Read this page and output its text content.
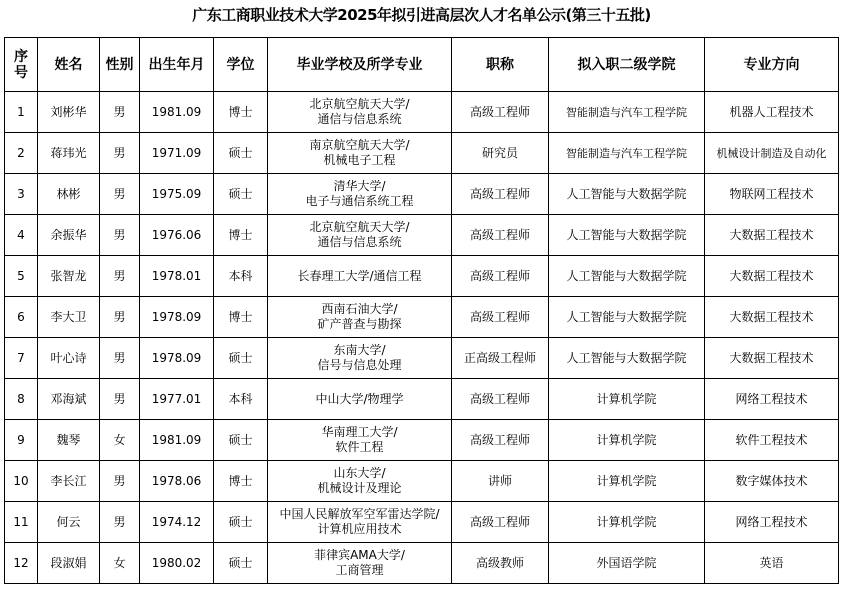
广东工商职业技术大学2025年拟引进高层次人才名单公示(第三十五批)
序号	姓名	性别	出生年月	学位	毕业学校及所学专业	职称	拟入职二级学院	专业方向
1	刘彬华	男	1981.09	博士	北京航空航天大学/
通信与信息系统	高级工程师	智能制造与汽车工程学院	机器人工程技术
2	蒋玮光	男	1971.09	硕士	南京航空航天大学/
机械电子工程	研究员	智能制造与汽车工程学院	机械设计制造及自动化
3	林彬	男	1975.09	硕士	清华大学/
电子与通信系统工程	高级工程师	人工智能与大数据学院	物联网工程技术
4	余振华	男	1976.06	博士	北京航空航天大学/
通信与信息系统	高级工程师	人工智能与大数据学院	大数据工程技术
5	张智龙	男	1978.01	本科	长春理工大学/通信工程	高级工程师	人工智能与大数据学院	大数据工程技术
6	李大卫	男	1978.09	博士	西南石油大学/
矿产普查与勘探	高级工程师	人工智能与大数据学院	大数据工程技术
7	叶心诗	男	1978.09	硕士	东南大学/
信号与信息处理	正高级工程师	人工智能与大数据学院	大数据工程技术
8	邓海斌	男	1977.01	本科	中山大学/物理学	高级工程师	计算机学院	网络工程技术
9	魏琴	女	1981.09	硕士	华南理工大学/
软件工程	高级工程师	计算机学院	软件工程技术
10	李长江	男	1978.06	博士	山东大学/
机械设计及理论	讲师	计算机学院	数字媒体技术
11	何云	男	1974.12	硕士	中国人民解放军空军雷达学院/
计算机应用技术	高级工程师	计算机学院	网络工程技术
12	段淑娟	女	1980.02	硕士	菲律宾AMA大学/
工商管理	高级教师	外国语学院	英语
